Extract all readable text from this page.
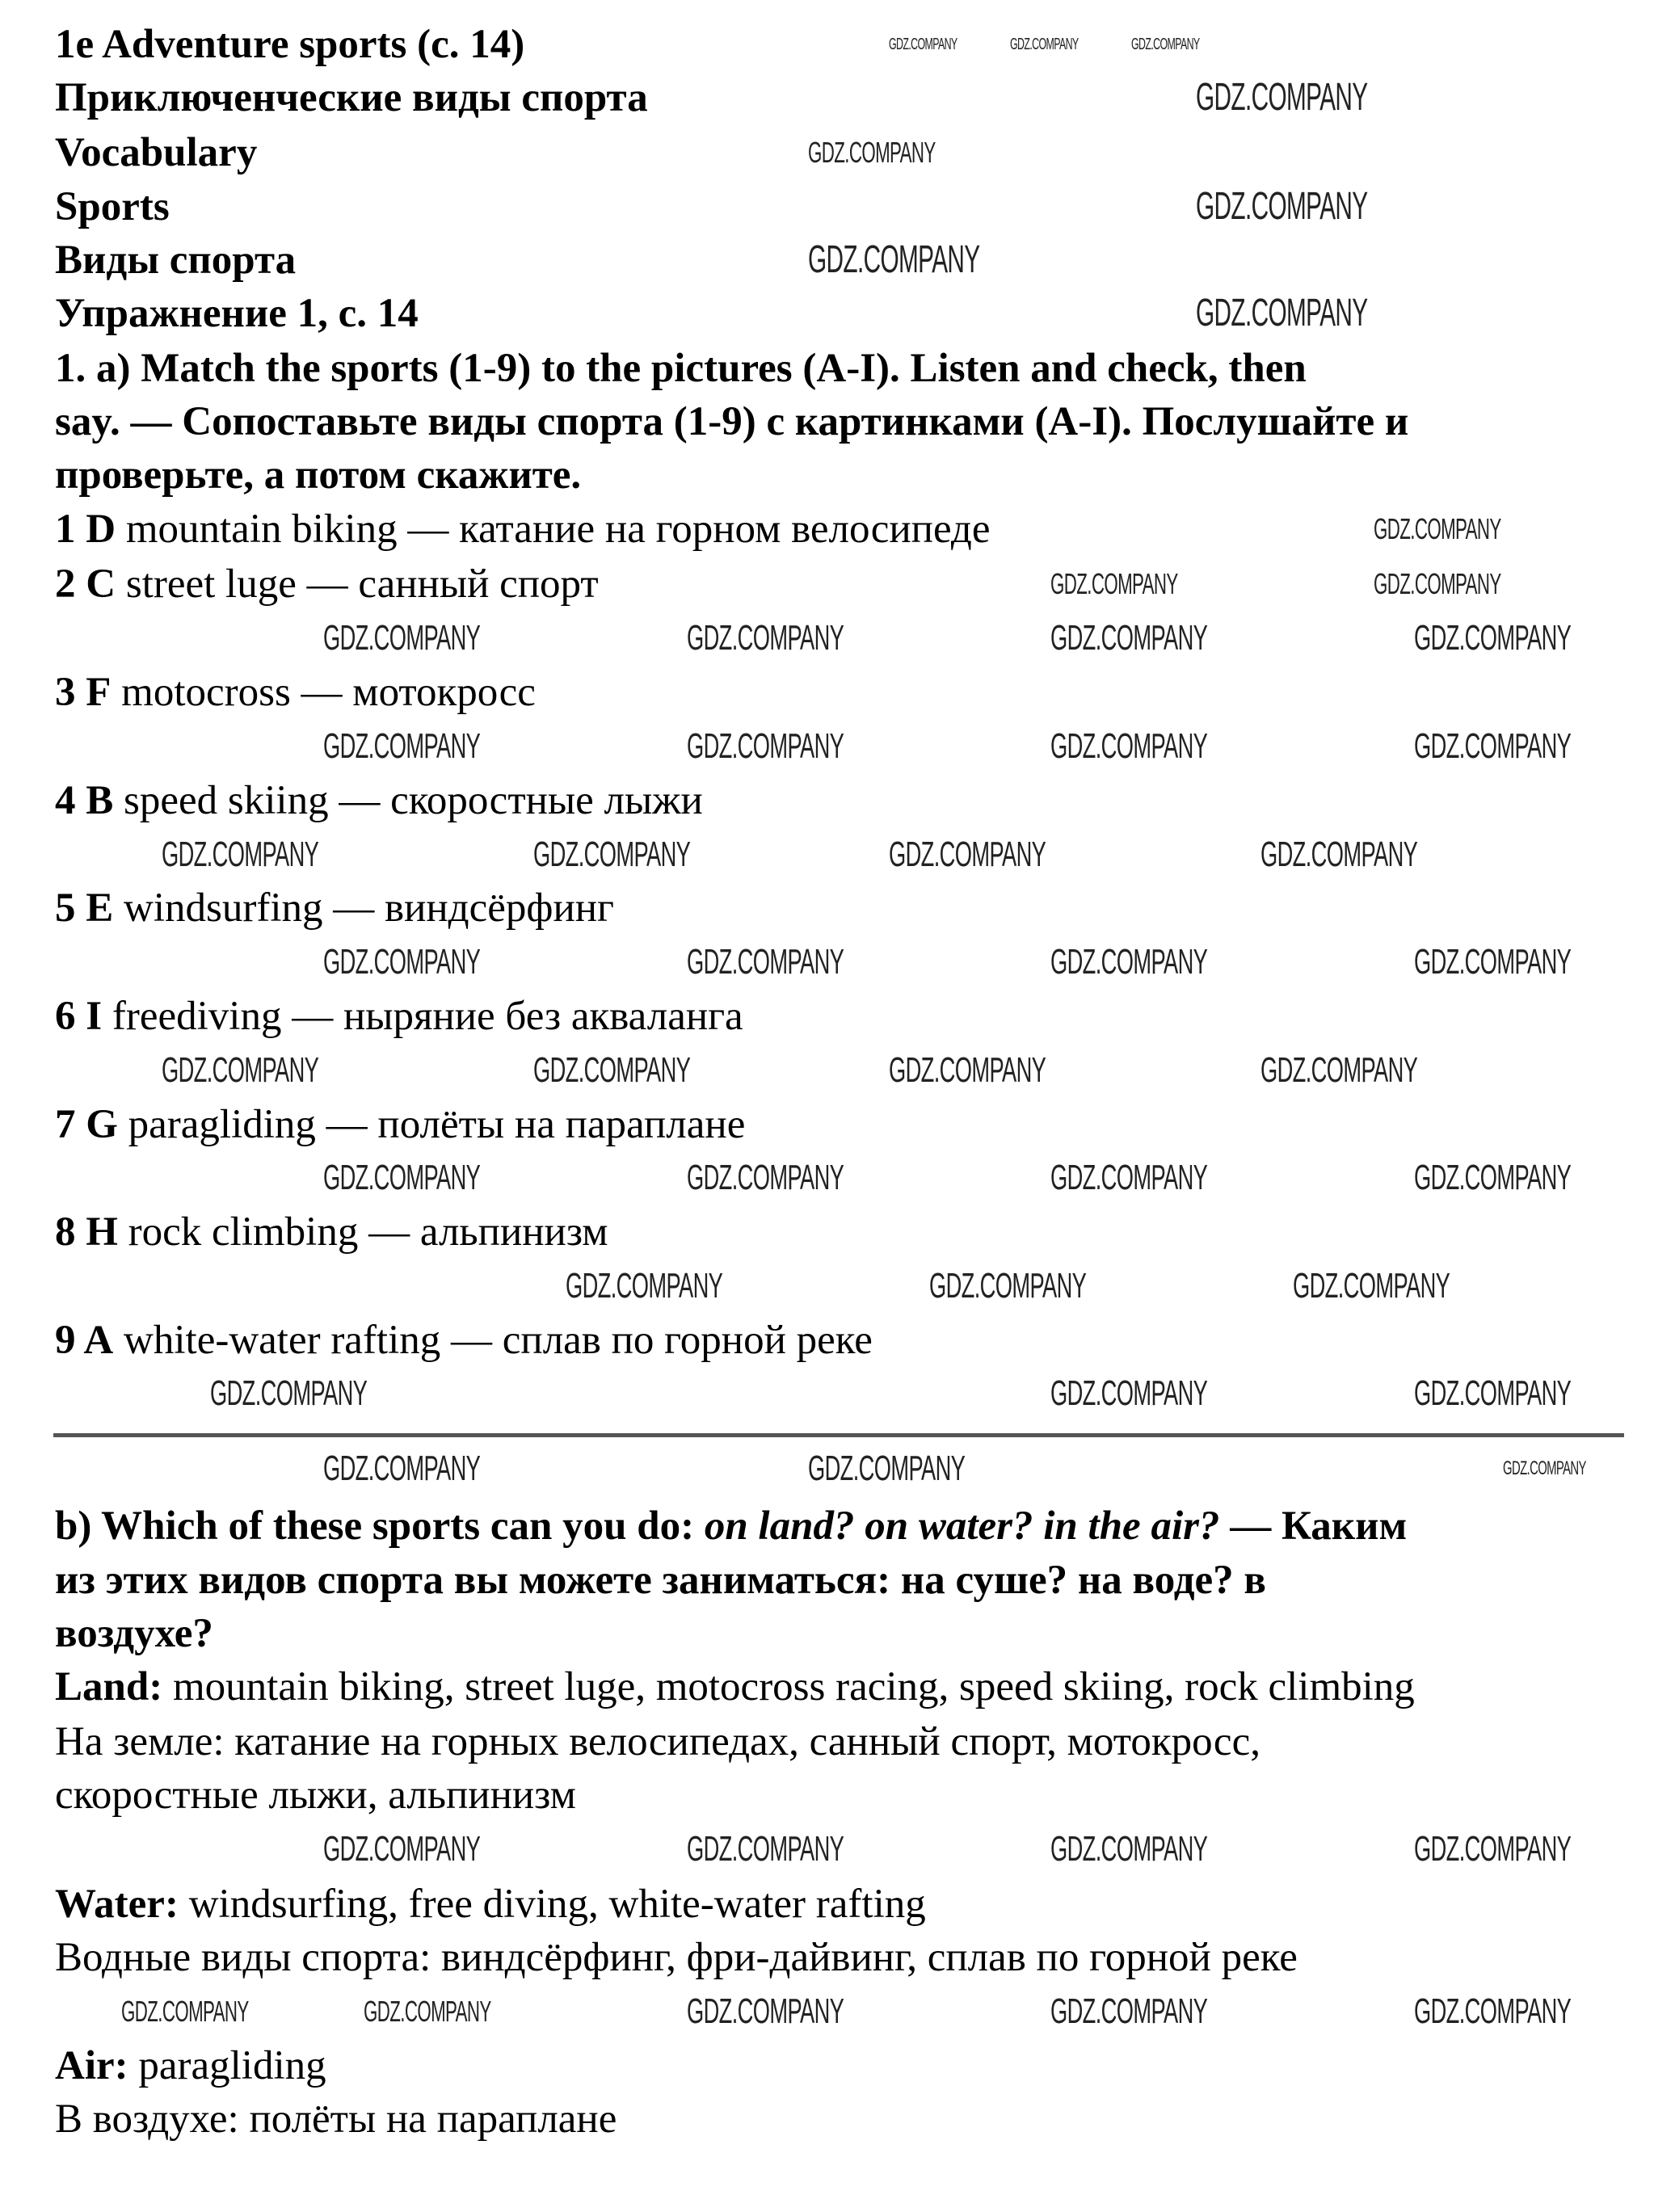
GDZ.COMPANY	GDZ.COMPANY	GDZ.COMPANY
GDZ.COMPANY
GDZ.COMPANY
GDZ.COMPANY
GDZ.COMPANY
GDZ.COMPANY
GDZ.COMPANY
GDZ.COMPANY	GDZ.COMPANY
GDZ.COMPANY	GDZ.COMPANY	GDZ.COMPANY	GDZ.COMPANY
GDZ.COMPANY	GDZ.COMPANY	GDZ.COMPANY	GDZ.COMPANY
GDZ.COMPANY	GDZ.COMPANY	GDZ.COMPANY	GDZ.COMPANY
GDZ.COMPANY	GDZ.COMPANY	GDZ.COMPANY	GDZ.COMPANY
GDZ.COMPANY	GDZ.COMPANY	GDZ.COMPANY	GDZ.COMPANY
GDZ.COMPANY	GDZ.COMPANY	GDZ.COMPANY	GDZ.COMPANY
GDZ.COMPANY	GDZ.COMPANY	GDZ.COMPANY
GDZ.COMPANY	GDZ.COMPANY	GDZ.COMPANY
GDZ.COMPANY
GDZ.COMPANY	GDZ.COMPANY
GDZ.COMPANY	GDZ.COMPANY	GDZ.COMPANY	GDZ.COMPANY
GDZ.COMPANY	GDZ.COMPANY	GDZ.COMPANY	GDZ.COMPANY	GDZ.COMPANY
1e Adventure sports (c. 14)
Приключенческие виды спорта
Vocabulary
Sports
Виды спорта
Упражнение 1, с. 14
1. a) Match the sports (1-9) to the pictures (A-I). Listen and check, then
say. — Сопоставьте виды спорта (1-9) с картинками (A-I). Послушайте и
проверьте, а потом скажите.
1 D mountain biking — катание на горном велосипеде
2 C street luge — санный спорт
3 F motocross — мотокросс
4 B speed skiing — скоростные лыжи
5 E windsurfing — виндсёрфинг
6 I freediving — ныряние без акваланга
7 G paragliding — полёты на параплане
8 H rock climbing — альпинизм
9 A white-water rafting — сплав по горной реке
b) Which of these sports can you do: on land? on water? in the air? — Каким
из этих видов спорта вы можете заниматься: на суше? на воде? в
воздухе?
Land: mountain biking, street luge, motocross racing, speed skiing, rock climbing
На земле: катание на горных велосипедах, санный спорт, мотокросс,
скоростные лыжи, альпинизм
Water: windsurfing, free diving, white-water rafting
Водные виды спорта: виндсёрфинг, фри-дайвинг, сплав по горной реке
Air: paragliding
В воздухе: полёты на параплане
